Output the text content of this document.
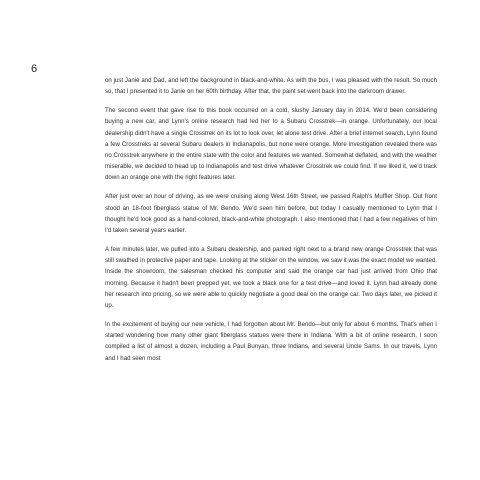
6

on just Janie and Dad, and left the background in black-and-white. As with the bus, I was pleased with the result. So much so, that I presented it to Janie on her 60th birthday. After that, the paint set went back into the darkroom drawer.

The second event that gave rise to this book occurred on a cold, slushy January day in 2014. We'd been considering buying a new car, and Lynn's online research had led her to a Subaru Crosstrek—in orange. Unfortunately, our local dealership didn't have a single Crosstrek on its lot to look over, let alone test drive. After a brief internet search, Lynn found a few Crosstreks at several Subaru dealers in Indianapolis, but none were orange. More investigation revealed there was no Crosstrek anywhere in the entire state with the color and features we wanted. Somewhat deflated, and with the weather miserable, we decided to head up to Indianapolis and test drive whatever Crosstrek we could find. If we liked it, we'd track down an orange one with the right features later.

After just over an hour of driving, as we were cruising along West 16th Street, we passed Ralph's Muffler Shop. Out front stood an 18-foot fiberglass statue of Mr. Bendo. We'd seen him before, but today I casually mentioned to Lynn that I thought he'd look good as a hand-colored, black-and-white photograph. I also mentioned that I had a few negatives of him I'd taken several years earlier.

A few minutes later, we pulled into a Subaru dealership, and parked right next to a brand new orange Crosstrek that was still swathed in protective paper and tape. Looking at the sticker on the window, we saw it was the exact model we wanted. Inside the showroom, the salesman checked his computer and said the orange car had just arrived from Ohio that morning. Because it hadn't been prepped yet, we took a black one for a test drive—and loved it. Lynn had already done her research into pricing, so we were able to quickly negotiate a good deal on the orange car. Two days later, we picked it up.

In the excitement of buying our new vehicle, I had forgotten about Mr. Bendo—but only for about 6 months. That's when I started wondering how many other giant fiberglass statues were there in Indiana. With a bit of online research, I soon compiled a list of almost a dozen, including a Paul Bunyan, three Indians, and several Uncle Sams. In our travels, Lynn and I had seen most
